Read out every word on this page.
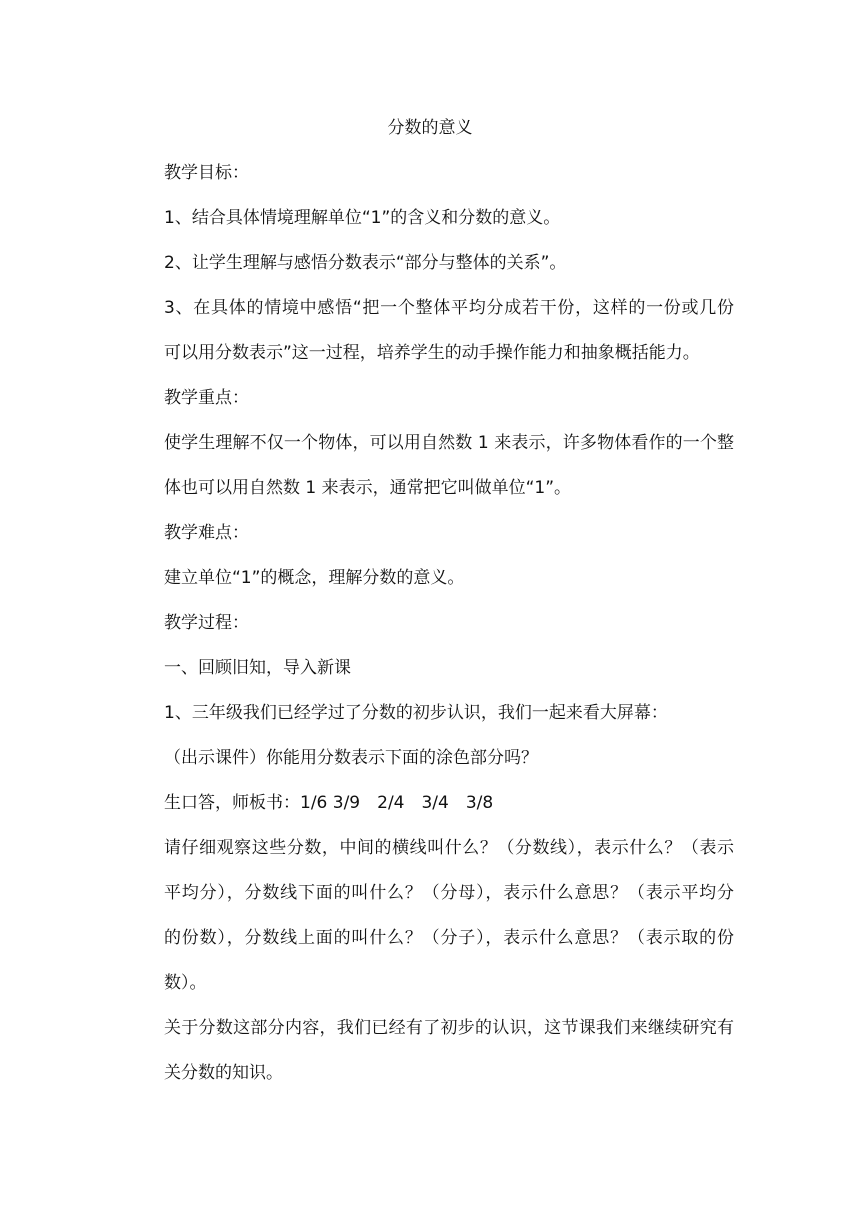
分数的意义
教学目标：
1、结合具体情境理解单位“1”的含义和分数的意义。
2、让学生理解与感悟分数表示“部分与整体的关系”。
3、在具体的情境中感悟“把一个整体平均分成若干份，这样的一份或几份
可以用分数表示”这一过程，培养学生的动手操作能力和抽象概括能力。
教学重点：
使学生理解不仅一个物体，可以用自然数 1 来表示，许多物体看作的一个整
体也可以用自然数 1 来表示，通常把它叫做单位“1”。
教学难点：
建立单位“1”的概念，理解分数的意义。
教学过程：
一、回顾旧知，导入新课
1、三年级我们已经学过了分数的初步认识，我们一起来看大屏幕：
（出示课件）你能用分数表示下面的涂色部分吗？
生口答，师板书：1/6 3/9　2/4　3/4　3/8
请仔细观察这些分数，中间的横线叫什么？（分数线），表示什么？（表示
平均分），分数线下面的叫什么？（分母），表示什么意思？（表示平均分
的份数），分数线上面的叫什么？（分子），表示什么意思？（表示取的份
数）。
关于分数这部分内容，我们已经有了初步的认识，这节课我们来继续研究有
关分数的知识。
